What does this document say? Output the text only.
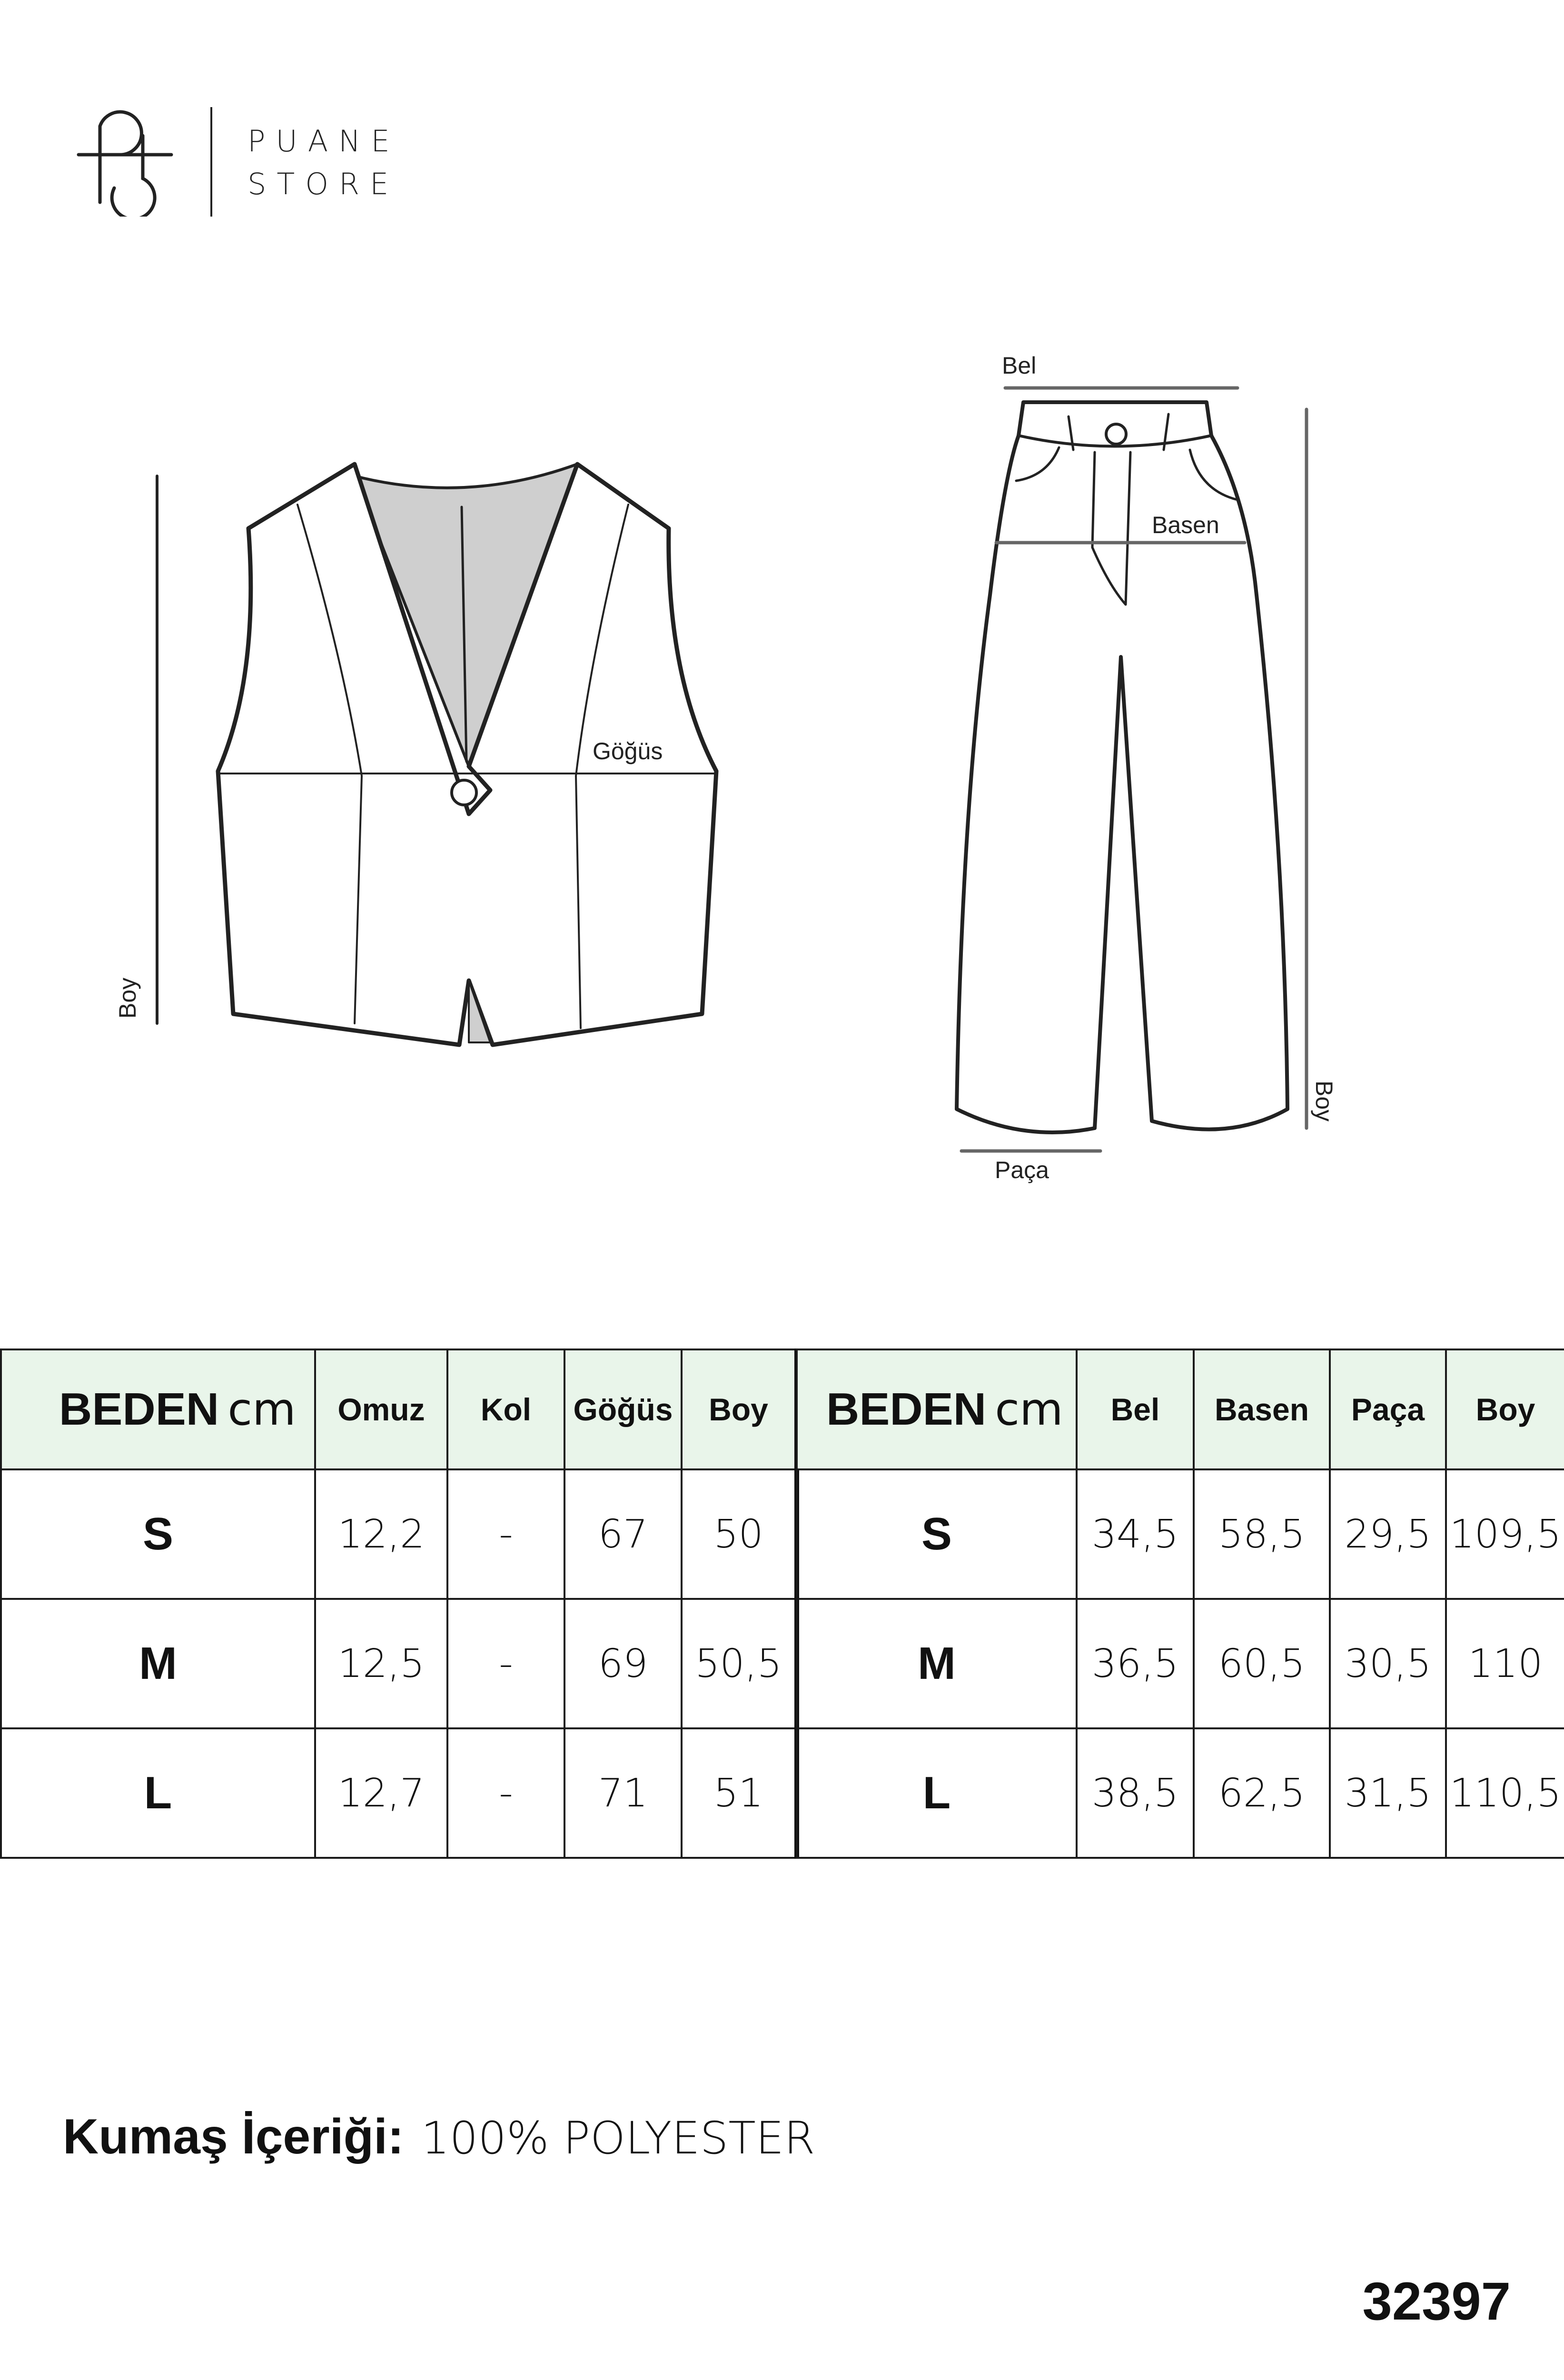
PUANE
STORE
Göğüs
Boy
Bel
Basen
Paça
Boy
BEDEN cm	Omuz	Kol	Göğüs	Boy
S	12,2	-	67	50
M	12,5	-	69	50,5
L	12,7	-	71	51
BEDEN cm	Bel	Basen	Paça	Boy
S	34,5	58,5	29,5	109,5
M	36,5	60,5	30,5	110
L	38,5	62,5	31,5	110,5
Kumaş İçeriği: 100% POLYESTER
32397
